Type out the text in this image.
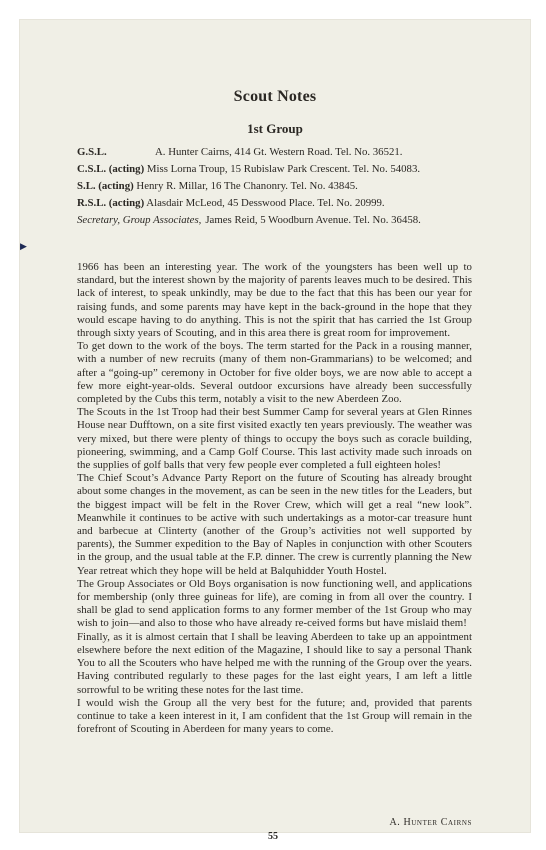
▶
Scout Notes
1st Group
G.S.L.	A. Hunter Cairns, 414 Gt. Western Road. Tel. No. 36521.
C.S.L. (acting) Miss Lorna Troup, 15 Rubislaw Park Crescent. Tel. No. 54083.
S.L. (acting) Henry R. Millar, 16 The Chanonry. Tel. No. 43845.
R.S.L. (acting) Alasdair McLeod, 45 Desswood Place. Tel. No. 20999.
Secretary, Group Associates, James Reid, 5 Woodburn Avenue. Tel. No. 36458.

1966 has been an interesting year. The work of the youngsters has been well up to standard, but the interest shown by the majority of parents leaves much to be desired. This lack of interest, to speak unkindly, may be due to the fact that this has been our year for raising funds, and some parents may have kept in the back-ground in the hope that they would escape having to do anything. This is not the spirit that has carried the 1st Group through sixty years of Scouting, and in this area there is great room for improvement.

To get down to the work of the boys. The term started for the Pack in a rousing manner, with a number of new recruits (many of them non-Grammarians) to be welcomed; and after a “going-up” ceremony in October for five older boys, we are now able to accept a few more eight-year-olds. Several outdoor excursions have already been successfully completed by the Cubs this term, notably a visit to the new Aberdeen Zoo.

The Scouts in the 1st Troop had their best Summer Camp for several years at Glen Rinnes House near Dufftown, on a site first visited exactly ten years previously. The weather was very mixed, but there were plenty of things to occupy the boys such as coracle building, pioneering, swimming, and a Camp Golf Course. This last activity made such inroads on the supplies of golf balls that very few people ever completed a full eighteen holes!

The Chief Scout’s Advance Party Report on the future of Scouting has already brought about some changes in the movement, as can be seen in the new titles for the Leaders, but the biggest impact will be felt in the Rover Crew, which will get a real “new look”. Meanwhile it continues to be active with such undertakings as a motor-car treasure hunt and barbecue at Clinterty (another of the Group’s activities not well supported by parents), the Summer expedition to the Bay of Naples in conjunction with other Scouters in the group, and the usual table at the F.P. dinner. The crew is currently planning the New Year retreat which they hope will be held at Balquhidder Youth Hostel.

The Group Associates or Old Boys organisation is now functioning well, and applications for membership (only three guineas for life), are coming in from all over the country. I shall be glad to send application forms to any former member of the 1st Group who may wish to join—and also to those who have already re-ceived forms but have mislaid them!

Finally, as it is almost certain that I shall be leaving Aberdeen to take up an appointment elsewhere before the next edition of the Magazine, I should like to say a personal Thank You to all the Scouters who have helped me with the running of the Group over the years. Having contributed regularly to these pages for the last eight years, I am left a little sorrowful to be writing these notes for the last time.

I would wish the Group all the very best for the future; and, provided that parents continue to take a keen interest in it, I am confident that the 1st Group will remain in the forefront of Scouting in Aberdeen for many years to come.

A. Hunter Cairns
55
